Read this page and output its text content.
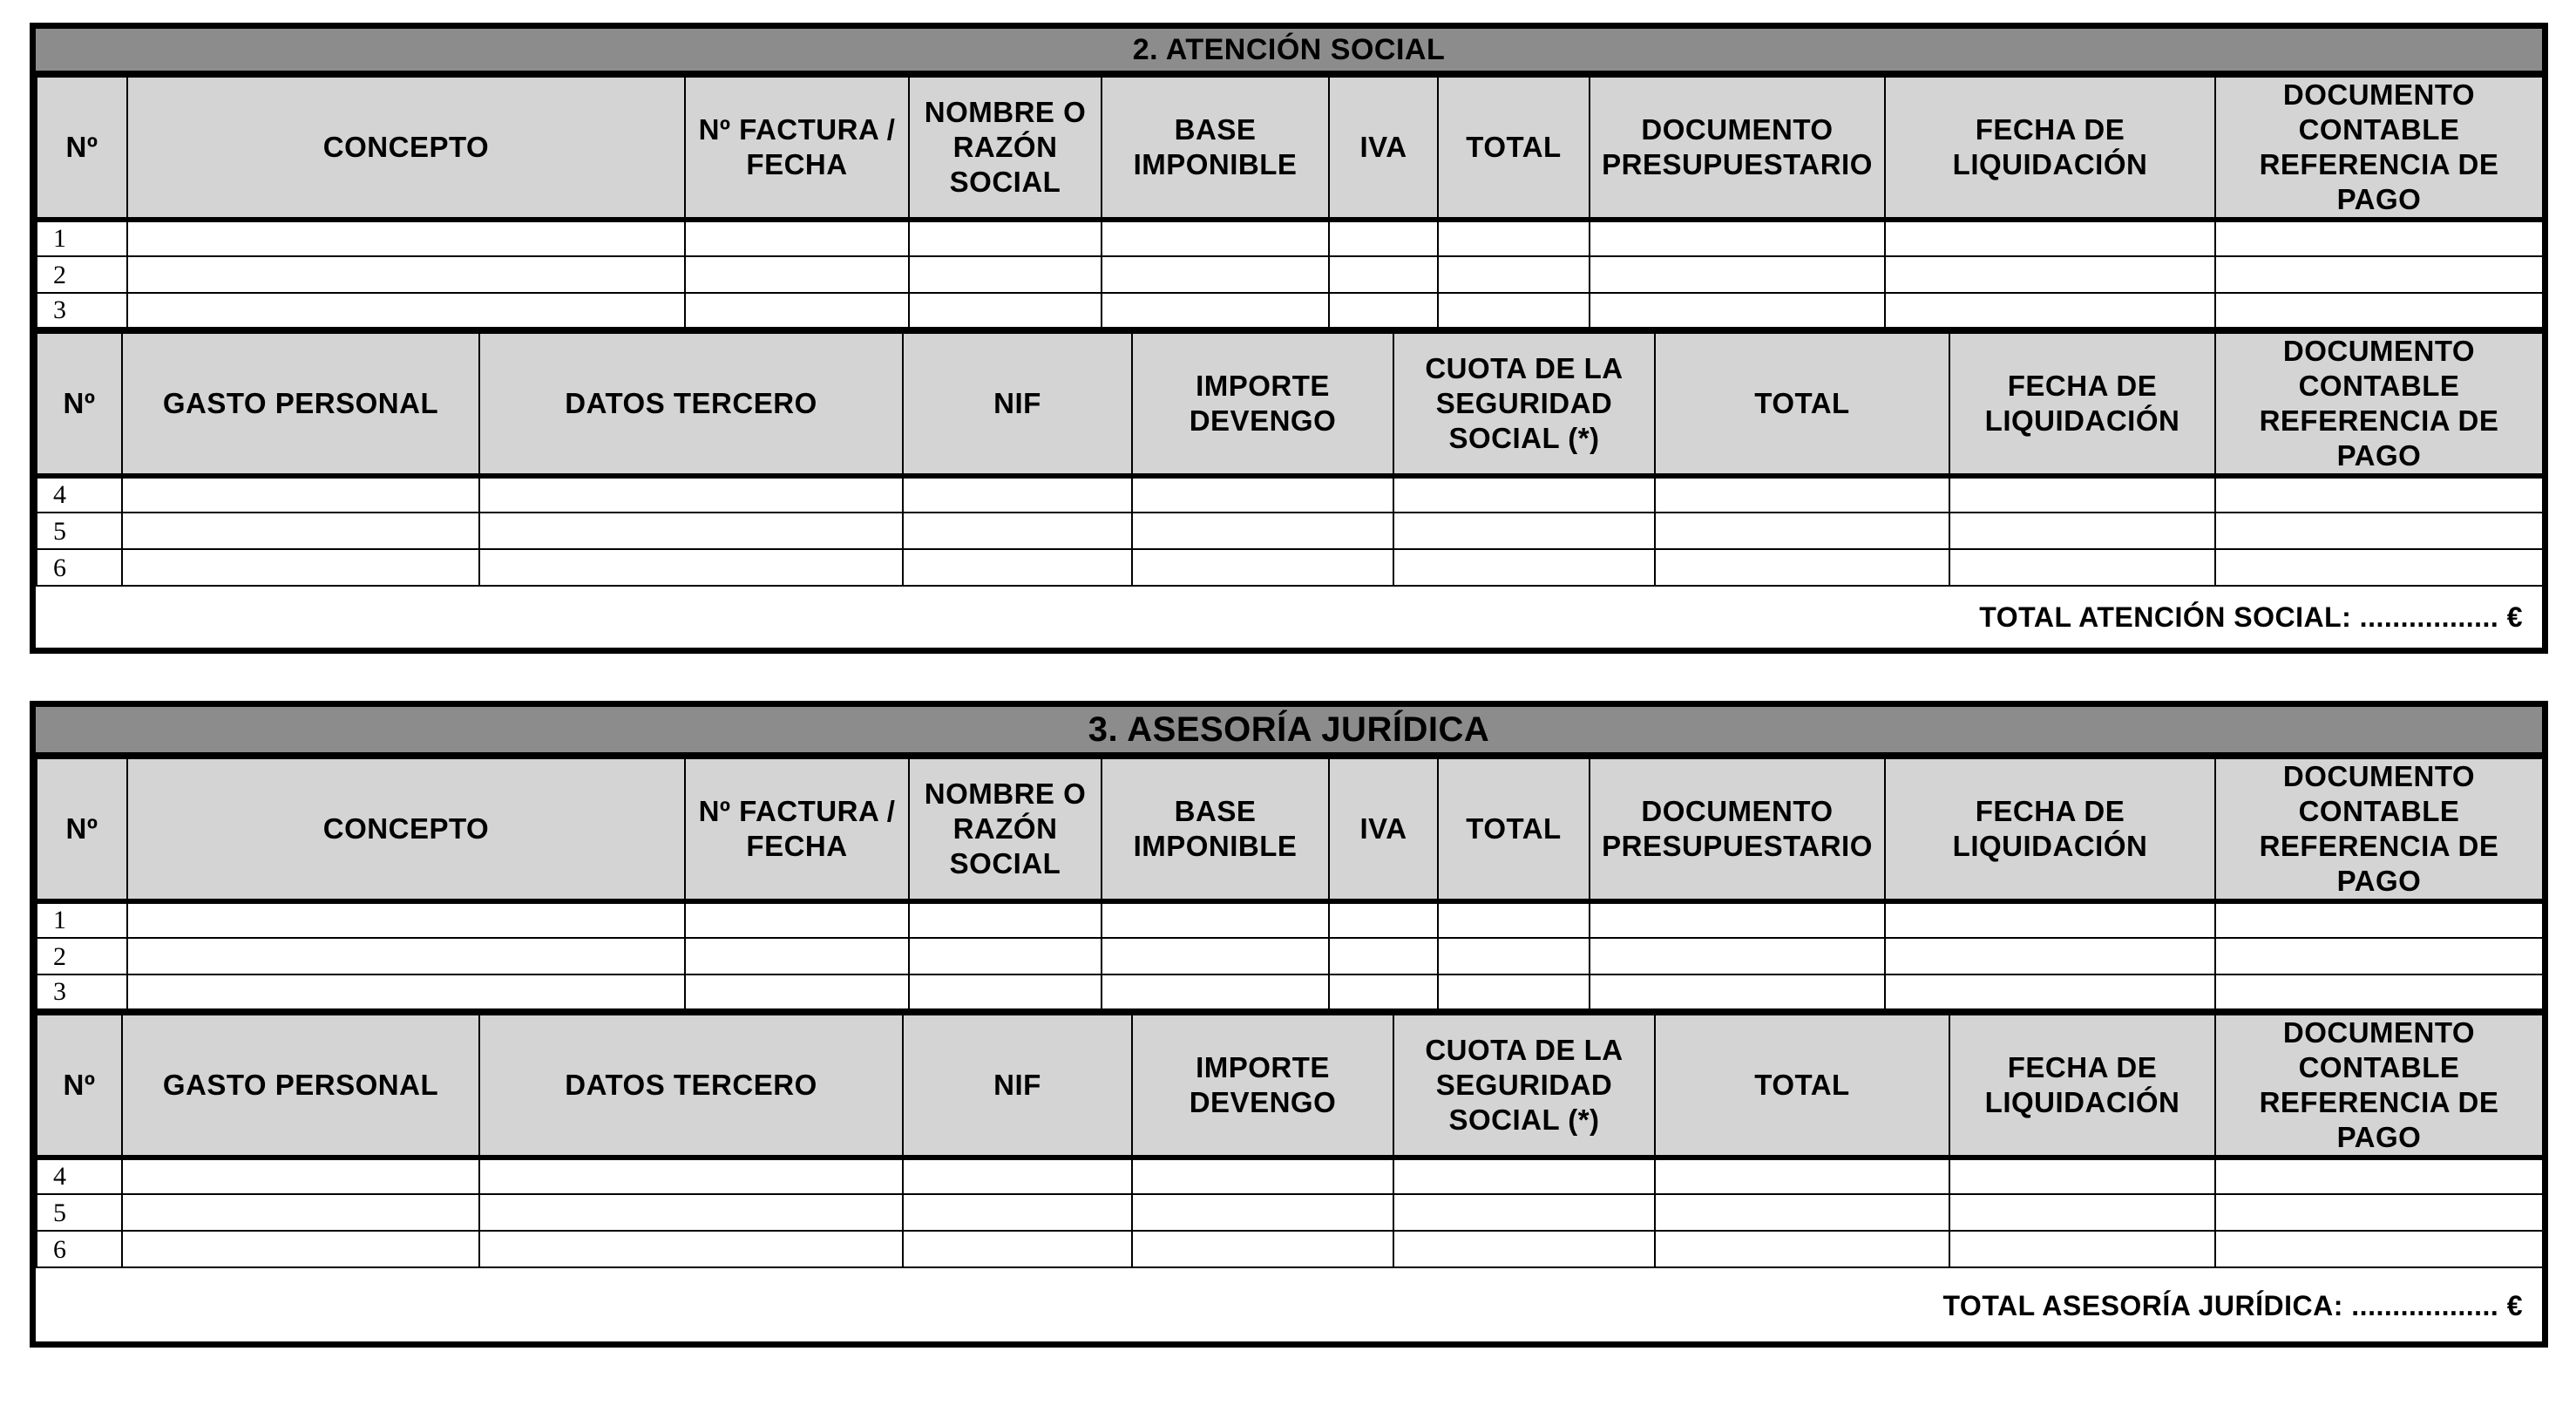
2. ATENCIÓN SOCIAL
Nº	CONCEPTO	Nº FACTURA / FECHA	NOMBRE O RAZÓN SOCIAL	BASE IMPONIBLE	IVA	TOTAL	DOCUMENTO PRESUPUESTARIO	FECHA DE LIQUIDACIÓN	DOCUMENTO CONTABLE REFERENCIA DE PAGO
1									
2									
3									
Nº	GASTO PERSONAL	DATOS TERCERO	NIF	IMPORTE DEVENGO	CUOTA DE LA SEGURIDAD SOCIAL (*)	TOTAL	FECHA DE LIQUIDACIÓN	DOCUMENTO CONTABLE REFERENCIA DE PAGO
4								
5								
6								
TOTAL ATENCIÓN SOCIAL: ................. €
3. ASESORÍA JURÍDICA
Nº	CONCEPTO	Nº FACTURA / FECHA	NOMBRE O RAZÓN SOCIAL	BASE IMPONIBLE	IVA	TOTAL	DOCUMENTO PRESUPUESTARIO	FECHA DE LIQUIDACIÓN	DOCUMENTO CONTABLE REFERENCIA DE PAGO
1									
2									
3									
Nº	GASTO PERSONAL	DATOS TERCERO	NIF	IMPORTE DEVENGO	CUOTA DE LA SEGURIDAD SOCIAL (*)	TOTAL	FECHA DE LIQUIDACIÓN	DOCUMENTO CONTABLE REFERENCIA DE PAGO
4								
5								
6								
TOTAL ASESORÍA JURÍDICA: .................. €
